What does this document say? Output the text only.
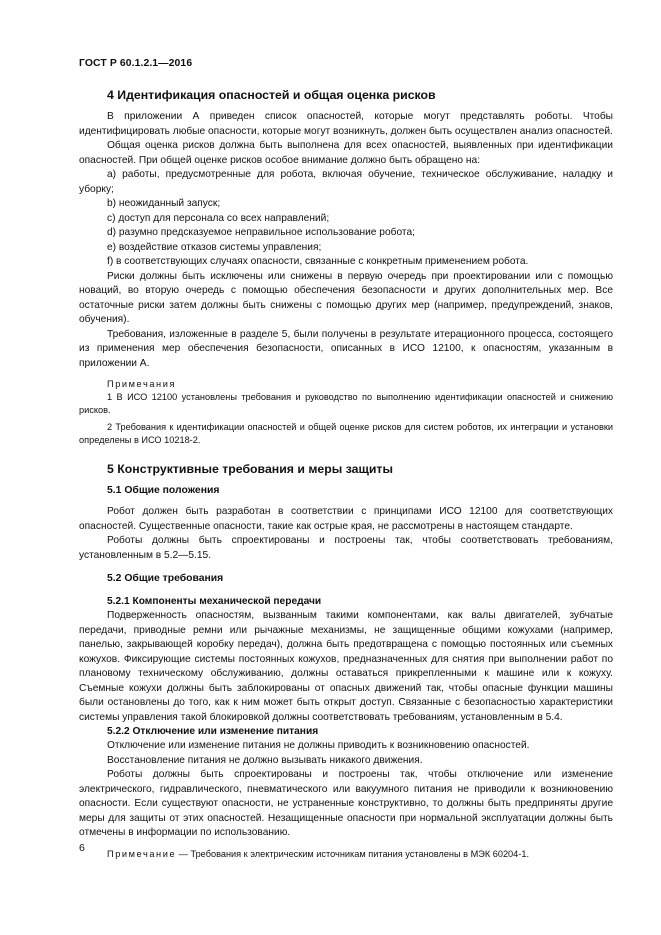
ГОСТ Р 60.1.2.1—2016
4 Идентификация опасностей и общая оценка рисков

В приложении А приведен список опасностей, которые могут представлять роботы. Чтобы идентифицировать любые опасности, которые могут возникнуть, должен быть осуществлен анализ опасностей.

Общая оценка рисков должна быть выполнена для всех опасностей, выявленных при идентификации опасностей. При общей оценке рисков особое внимание должно быть обращено на:

a) работы, предусмотренные для робота, включая обучение, техническое обслуживание, наладку и уборку;

b) неожиданный запуск;

c) доступ для персонала со всех направлений;

d) разумно предсказуемое неправильное использование робота;

e) воздействие отказов системы управления;

f) в соответствующих случаях опасности, связанные с конкретным применением робота.

Риски должны быть исключены или снижены в первую очередь при проектировании или с помощью новаций, во вторую очередь с помощью обеспечения безопасности и других дополнительных мер. Все остаточные риски затем должны быть снижены с помощью других мер (например, предупреждений, знаков, обучения).

Требования, изложенные в разделе 5, были получены в результате итерационного процесса, состоящего из применения мер обеспечения безопасности, описанных в ИСО 12100, к опасностям, указанным в приложении А.

Примечания

1 В ИСО 12100 установлены требования и руководство по выполнению идентификации опасностей и снижению рисков.

2 Требования к идентификации опасностей и общей оценке рисков для систем роботов, их интеграции и установки определены в ИСО 10218-2.

5 Конструктивные требования и меры защиты
5.1 Общие положения

Робот должен быть разработан в соответствии с принципами ИСО 12100 для соответствующих опасностей. Существенные опасности, такие как острые края, не рассмотрены в настоящем стандарте.

Роботы должны быть спроектированы и построены так, чтобы соответствовать требованиям, установленным в 5.2—5.15.

5.2 Общие требования
5.2.1 Компоненты механической передачи

Подверженность опасностям, вызванным такими компонентами, как валы двигателей, зубчатые передачи, приводные ремни или рычажные механизмы, не защищенные общими кожухами (например, панелью, закрывающей коробку передач), должна быть предотвращена с помощью постоянных или съемных кожухов. Фиксирующие системы постоянных кожухов, предназначенных для снятия при выполнении работ по плановому техническому обслуживанию, должны оставаться прикрепленными к машине или к кожуху. Съемные кожухи должны быть заблокированы от опасных движений так, чтобы опасные функции машины были остановлены до того, как к ним может быть открыт доступ. Связанные с безопасностью характеристики системы управления такой блокировкой должны соответствовать требованиям, установленным в 5.4.

5.2.2 Отключение или изменение питания

Отключение или изменение питания не должны приводить к возникновению опасностей.

Восстановление питания не должно вызывать никакого движения.

Роботы должны быть спроектированы и построены так, чтобы отключение или изменение электрического, гидравлического, пневматического или вакуумного питания не приводили к возникновению опасности. Если существуют опасности, не устраненные конструктивно, то должны быть предприняты другие меры для защиты от этих опасностей. Незащищенные опасности при нормальной эксплуатации должны быть отмечены в информации по использованию.

Примечание — Требования к электрическим источникам питания установлены в МЭК 60204-1.

6
